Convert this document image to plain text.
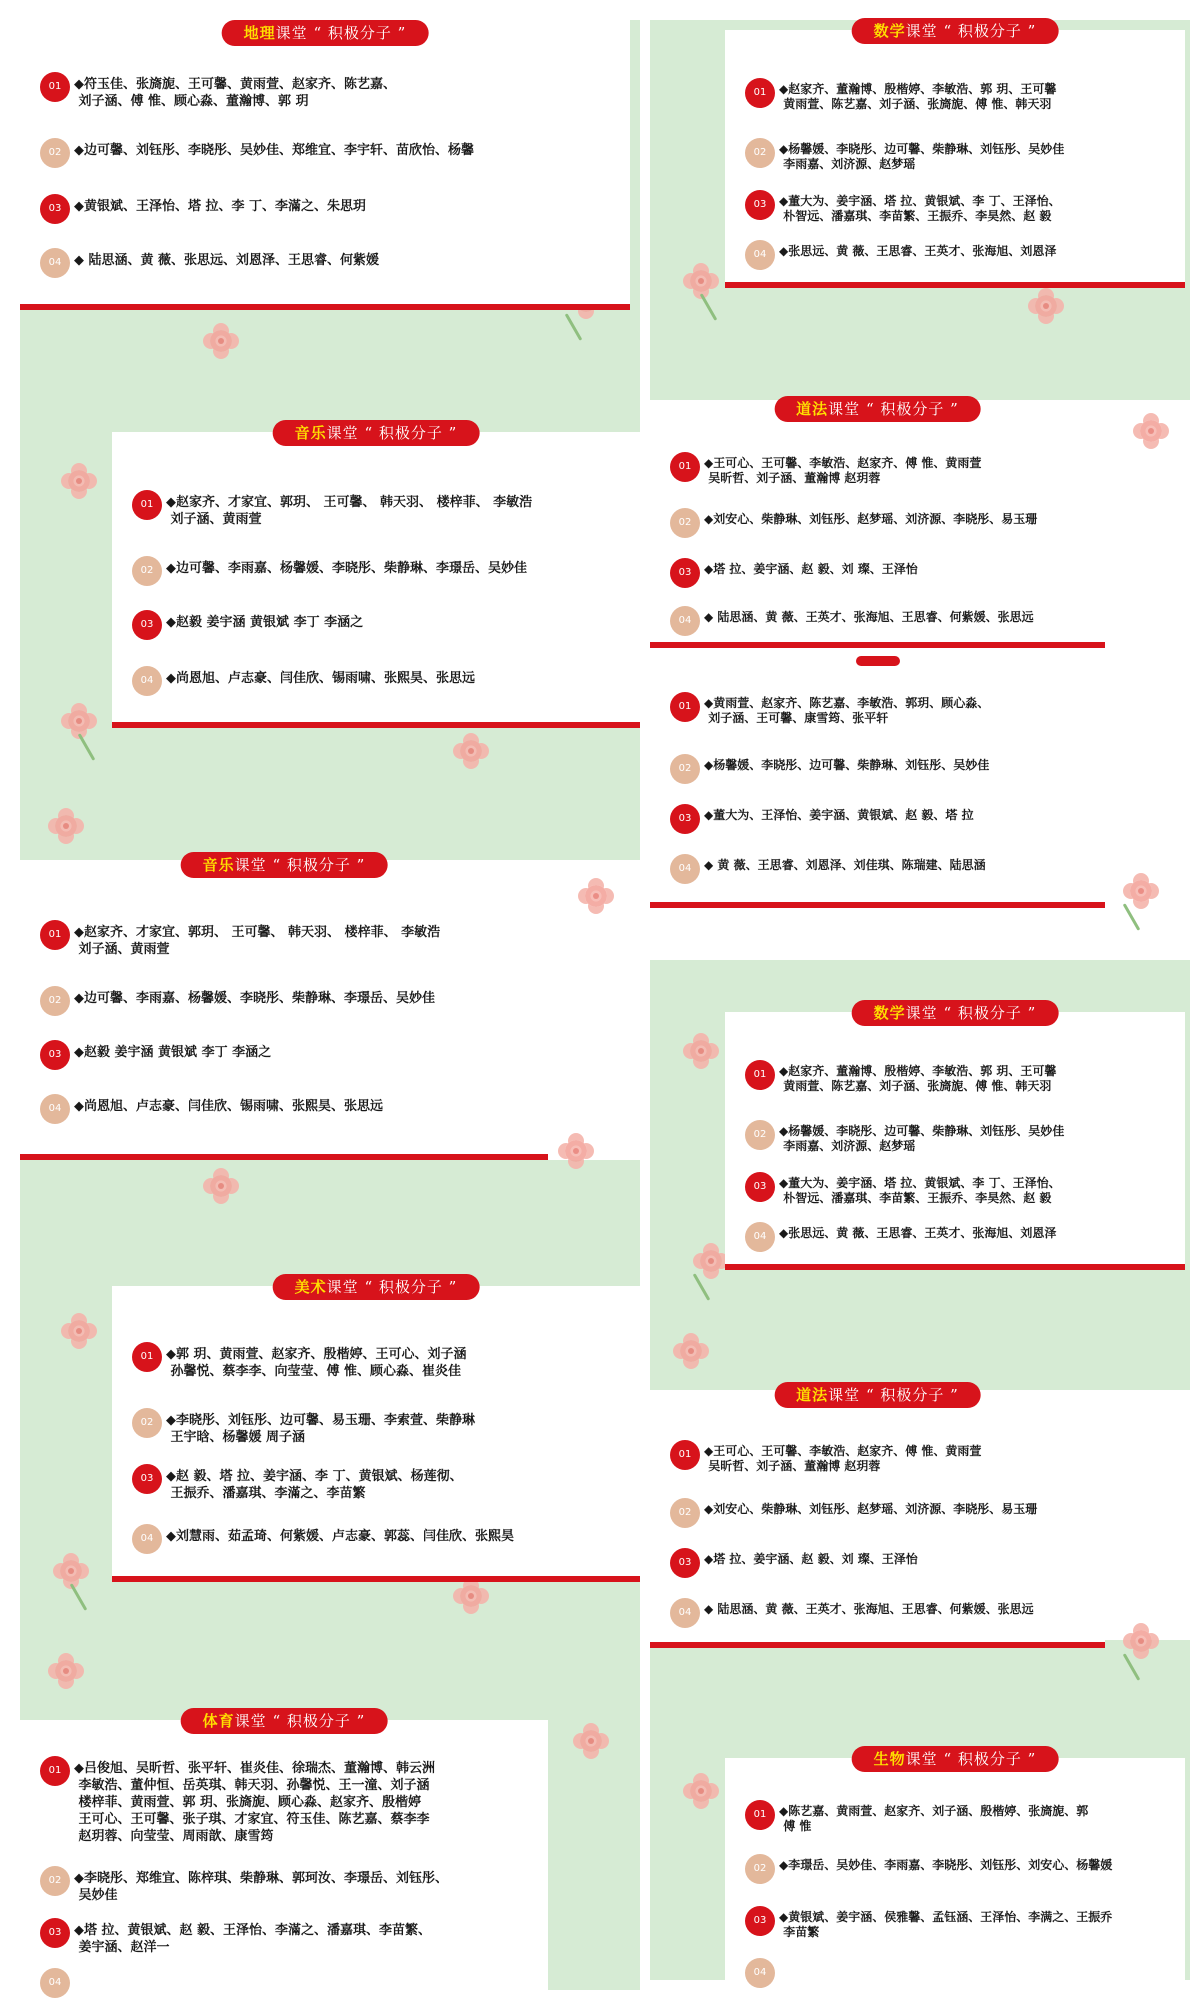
地理课堂 “ 积极分子 ”
01 ◆符玉佳、张旖旎、王可馨、黄雨萱、赵家齐、陈艺嘉、
刘子涵、傅 惟、顾心淼、董瀚博、郭 玥
02 ◆边可馨、刘钰彤、李晓彤、吴妙佳、郑维宜、李宇轩、苗欣怡、杨馨
03 ◆黄银斌、王泽怡、塔 拉、李 丁、李滿之、朱思玥
04 ◆ 陆思涵、黄 薇、张思远、刘恩泽、王思睿、何紫媛
数学课堂 “ 积极分子 ”
01	◆赵家齐、董瀚博、殷楷婷、李敏浩、郭 玥、王可馨
黄雨萱、陈艺嘉、刘子涵、张旖旎、傅 惟、韩天羽
02	◆杨馨媛、李晓彤、边可馨、柴静琳、刘钰彤、吴妙佳
李雨嘉、刘济源、赵梦瑶
03	◆董大为、姜宇涵、塔 拉、黄银斌、李 丁、王泽怡、
朴智远、潘嘉琪、李苗繁、王振乔、李昊然、赵 毅
04	◆张思远、黄 薇、王思睿、王英才、张海旭、刘恩泽
音乐课堂 “ 积极分子 ”
01 ◆赵家齐、才家宜、郭玥、 王可馨、 韩天羽、 楼梓菲、 李敏浩
刘子涵、黄雨萱
02 ◆边可馨、李雨嘉、杨馨媛、李晓彤、柴静琳、李璟岳、吴妙佳
03 ◆赵毅 姜宇涵 黄银斌 李丁 李涵之
04 ◆尚恩旭、卢志豪、闫佳欣、锡雨啸、张熙昊、张思远
道法课堂 “ 积极分子 ”
01	◆王可心、王可馨、李敏浩、赵家齐、傅 惟、黄雨萱
吴昕哲、刘子涵、董瀚博 赵玥蓉
02	◆刘安心、柴静琳、刘钰彤、赵梦瑶、刘济源、李晓彤、易玉珊
03	◆塔 拉、姜宇涵、赵 毅、刘 璨、王泽怡
04	◆ 陆思涵、黄 薇、王英才、张海旭、王思睿、何紫媛、张思远
01	◆黄雨萱、赵家齐、陈艺嘉、李敏浩、郭玥、顾心淼、
刘子涵、王可馨、康雪筠、张平轩
02	◆杨馨媛、李晓彤、边可馨、柴静琳、刘钰彤、吴妙佳
03	◆董大为、王泽怡、姜宇涵、黄银斌、赵 毅、塔 拉
04	◆ 黄 薇、王思睿、刘恩泽、刘佳琪、陈瑞建、陆思涵
音乐课堂 “ 积极分子 ”
01 ◆赵家齐、才家宜、郭玥、 王可馨、 韩天羽、 楼梓菲、 李敏浩
刘子涵、黄雨萱
02 ◆边可馨、李雨嘉、杨馨媛、李晓彤、柴静琳、李璟岳、吴妙佳
03 ◆赵毅 姜宇涵 黄银斌 李丁 李涵之
04 ◆尚恩旭、卢志豪、闫佳欣、锡雨啸、张熙昊、张思远
数学课堂 “ 积极分子 ”
01	◆赵家齐、董瀚博、殷楷婷、李敏浩、郭 玥、王可馨
黄雨萱、陈艺嘉、刘子涵、张旖旎、傅 惟、韩天羽
02	◆杨馨媛、李晓彤、边可馨、柴静琳、刘钰彤、吴妙佳
李雨嘉、刘济源、赵梦瑶
03	◆董大为、姜宇涵、塔 拉、黄银斌、李 丁、王泽怡、
朴智远、潘嘉琪、李苗繁、王振乔、李昊然、赵 毅
04	◆张思远、黄 薇、王思睿、王英才、张海旭、刘恩泽
美术课堂 “ 积极分子 ”
01 ◆郭 玥、黄雨萱、赵家齐、殷楷婷、王可心、刘子涵
孙馨悦、蔡李李、向莹莹、傅 惟、顾心淼、崔炎佳
02 ◆李晓彤、刘钰彤、边可馨、易玉珊、李索萱、柴静琳
王宇晗、杨馨媛 周子涵
03 ◆赵 毅、塔 拉、姜宇涵、李 丁、黄银斌、杨莲彻、
王振乔、潘嘉琪、李滿之、李苗繁
04 ◆刘慧雨、茹孟琦、何紫媛、卢志豪、郭蕊、闫佳欣、张熙昊
道法课堂 “ 积极分子 ”
01	◆王可心、王可馨、李敏浩、赵家齐、傅 惟、黄雨萱
吴昕哲、刘子涵、董瀚博 赵玥蓉
02	◆刘安心、柴静琳、刘钰彤、赵梦瑶、刘济源、李晓彤、易玉珊
03	◆塔 拉、姜宇涵、赵 毅、刘 璨、王泽怡
04	◆ 陆思涵、黄 薇、王英才、张海旭、王思睿、何紫媛、张思远
体育课堂 “ 积极分子 ”
01 ◆吕俊旭、吴昕哲、张平轩、崔炎佳、徐瑞杰、董瀚博、韩云洲
李敏浩、董仲恒、岳英琪、韩天羽、孙馨悦、王一潼、刘子涵
楼梓菲、黄雨萱、郭 玥、张旖旎、顾心淼、赵家齐、殷楷婷
王可心、王可馨、张子琪、才家宜、符玉佳、陈艺嘉、蔡李李
赵玥蓉、向莹莹、周雨歆、康雪筠
02 ◆李晓彤、郑维宜、陈梓琪、柴静琳、郭珂汝、李璟岳、刘钰彤、
吴妙佳
03 ◆塔 拉、黄银斌、赵 毅、王泽怡、李滿之、潘嘉琪、李苗繁、
姜宇涵、赵洋一
04
生物课堂 “ 积极分子 ”
01	◆陈艺嘉、黄雨萱、赵家齐、刘子涵、殷楷婷、张旖旎、郭
傅 惟
02	◆李璟岳、吴妙佳、李雨嘉、李晓彤、刘钰彤、刘安心、杨馨媛
03	◆黄银斌、姜宇涵、侯雅馨、孟钰涵、王泽怡、李满之、王振乔
李苗繁
04
